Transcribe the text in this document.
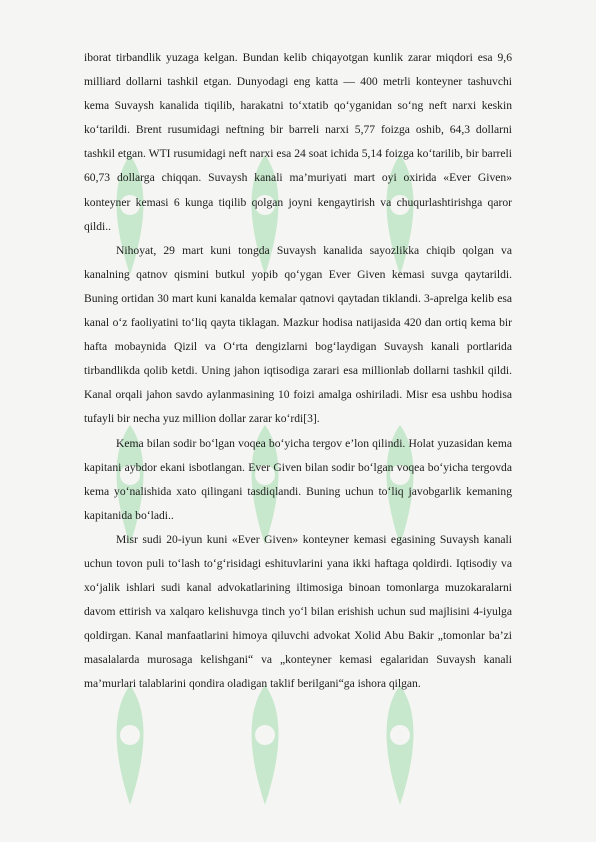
iborat tirbandlik yuzaga kelgan. Bundan kelib chiqayotgan kunlik zarar miqdori esa 9,6 milliard dollarni tashkil etgan. Dunyodagi eng katta — 400 metrli konteyner tashuvchi kema Suvaysh kanalida tiqilib, harakatni to‘xtatib qo‘yganidan so‘ng neft narxi keskin ko‘tarildi. Brent rusumidagi neftning bir barreli narxi 5,77 foizga oshib, 64,3 dollarni tashkil etgan. WTI rusumidagi neft narxi esa 24 soat ichida 5,14 foizga ko‘tarilib, bir barreli 60,73 dollarga chiqqan. Suvaysh kanali ma’muriyati mart oyi oxirida «Ever Given» konteyner kemasi 6 kunga tiqilib qolgan joyni kengaytirish va chuqurlashtirishga qaror qildi..

Nihoyat, 29 mart kuni tongda Suvaysh kanalida sayozlikka chiqib qolgan va kanalning qatnov qismini butkul yopib qo‘ygan Ever Given kemasi suvga qaytarildi. Buning ortidan 30 mart kuni kanalda kemalar qatnovi qaytadan tiklandi. 3-aprelga kelib esa kanal o‘z faoliyatini to‘liq qayta tiklagan. Mazkur hodisa natijasida 420 dan ortiq kema bir hafta mobaynida Qizil va O‘rta dengizlarni bog‘laydigan Suvaysh kanali portlarida tirbandlikda qolib ketdi. Uning jahon iqtisodiga zarari esa millionlab dollarni tashkil qildi. Kanal orqali jahon savdo aylanmasining 10 foizi amalga oshiriladi. Misr esa ushbu hodisa tufayli bir necha yuz million dollar zarar ko‘rdi[3].

Kema bilan sodir bo‘lgan voqea bo‘yicha tergov e’lon qilindi. Holat yuzasidan kema kapitani aybdor ekani isbotlangan. Ever Given bilan sodir bo‘lgan voqea bo‘yicha tergovda kema yo‘nalishida xato qilingani tasdiqlandi. Buning uchun to‘liq javobgarlik kemaning kapitanida bo‘ladi..

Misr sudi 20-iyun kuni «Ever Given» konteyner kemasi egasining Suvaysh kanali uchun tovon puli to‘lash to‘g‘risidagi eshituvlarini yana ikki haftaga qoldirdi. Iqtisodiy va xo‘jalik ishlari sudi kanal advokatlarining iltimosiga binoan tomonlarga muzokaralarni davom ettirish va xalqaro kelishuvga tinch yo‘l bilan erishish uchun sud majlisini 4-iyulga qoldirgan. Kanal manfaatlarini himoya qiluvchi advokat Xolid Abu Bakir „tomonlar ba’zi masalalarda murosaga kelishgani“ va „konteyner kemasi egalaridan Suvaysh kanali ma’murlari talablarini qondira oladigan taklif berilgani“ga ishora qilgan.
